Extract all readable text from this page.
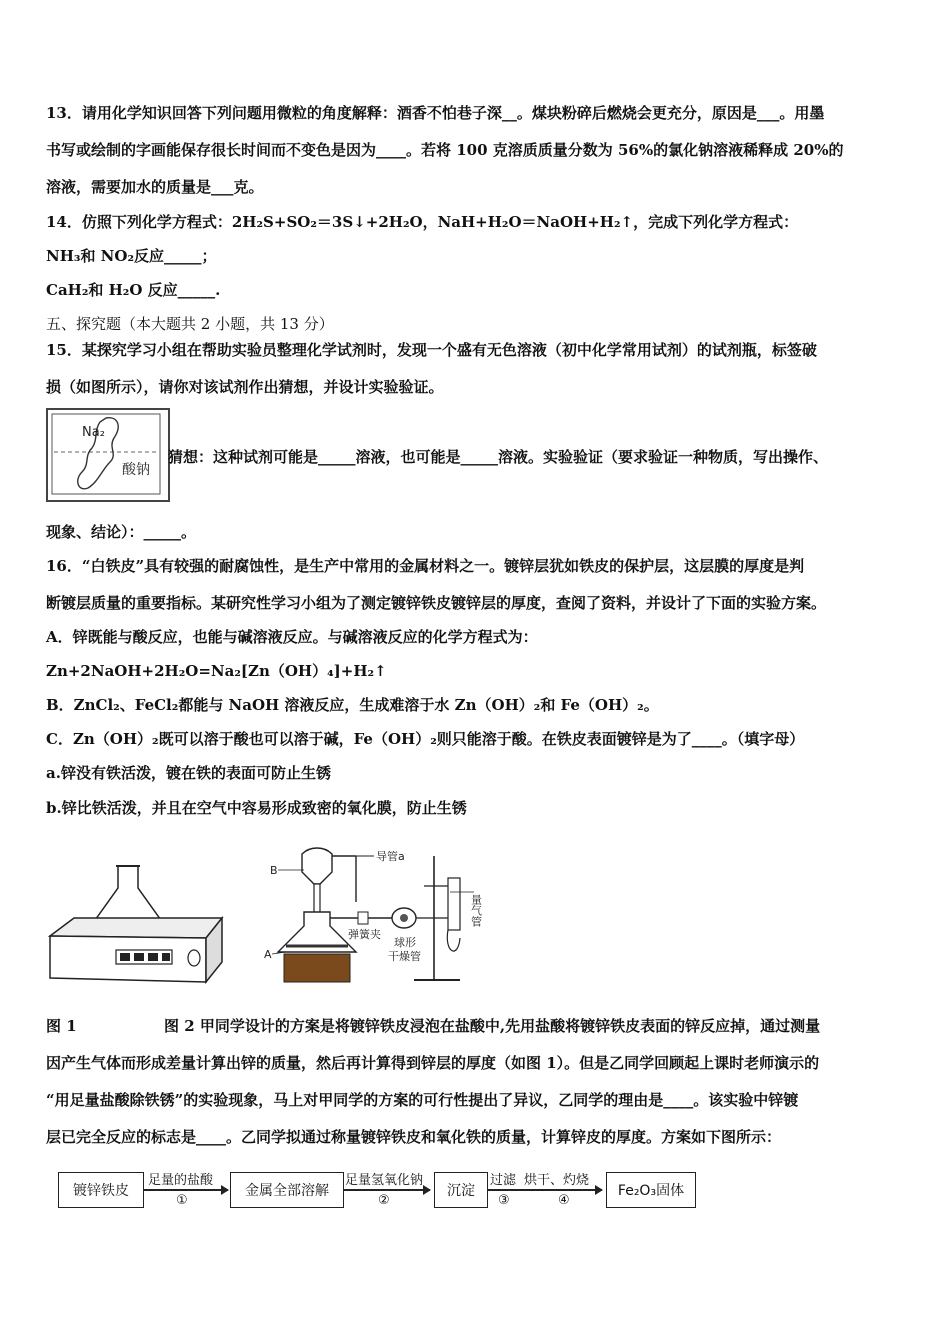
13．请用化学知识回答下列问题用微粒的角度解释：酒香不怕巷子深__。煤块粉碎后燃烧会更充分，原因是___。用墨
书写或绘制的字画能保存很长时间而不变色是因为____。若将 100 克溶质质量分数为 56%的氯化钠溶液稀释成 20%的
溶液，需要加水的质量是___克。
14．仿照下列化学方程式：2H₂S+SO₂＝3S↓+2H₂O，NaH+H₂O＝NaOH+H₂↑，完成下列化学方程式：
NH₃和 NO₂反应_____；
CaH₂和 H₂O 反应_____.
五、探究题（本大题共 2 小题，共 13 分）
15．某探究学习小组在帮助实验员整理化学试剂时，发现一个盛有无色溶液（初中化学常用试剂）的试剂瓶，标签破
损（如图所示），请你对该试剂作出猜想，并设计实验验证。
Na₂
酸钠
猜想：这种试剂可能是_____溶液，也可能是_____溶液。实验验证（要求验证一种物质，写出操作、
现象、结论）：_____。
16．“白铁皮”具有较强的耐腐蚀性，是生产中常用的金属材料之一。镀锌层犹如铁皮的保护层，这层膜的厚度是判
断镀层质量的重要指标。某研究性学习小组为了测定镀锌铁皮镀锌层的厚度，查阅了资料，并设计了下面的实验方案。
A．锌既能与酸反应，也能与碱溶液反应。与碱溶液反应的化学方程式为：
Zn+2NaOH+2H₂O=Na₂[Zn（OH）₄]+H₂↑
B．ZnCl₂、FeCl₂都能与 NaOH 溶液反应，生成难溶于水 Zn（OH）₂和 Fe（OH）₂。
C．Zn（OH）₂既可以溶于酸也可以溶于碱，Fe（OH）₂则只能溶于酸。在铁皮表面镀锌是为了____。（填字母）
a.锌没有铁活泼，镀在铁的表面可防止生锈
b.锌比铁活泼，并且在空气中容易形成致密的氧化膜，防止生锈
导管a
B
A
弹簧夹
球形
干燥管
量气管
图 1	图 2 甲同学设计的方案是将镀锌铁皮浸泡在盐酸中,先用盐酸将镀锌铁皮表面的锌反应掉，通过测量
因产生气体而形成差量计算出锌的质量，然后再计算得到锌层的厚度（如图 1）。但是乙同学回顾起上课时老师演示的
“用足量盐酸除铁锈”的实验现象，马上对甲同学的方案的可行性提出了异议，乙同学的理由是____。该实验中锌镀
层已完全反应的标志是____。乙同学拟通过称量镀锌铁皮和氧化铁的质量，计算锌皮的厚度。方案如下图所示：
镀锌铁皮
足量的盐酸
①
金属全部溶解
足量氢氧化钠
②
沉淀
过滤
③
烘干、灼烧
④
Fe₂O₃固体
